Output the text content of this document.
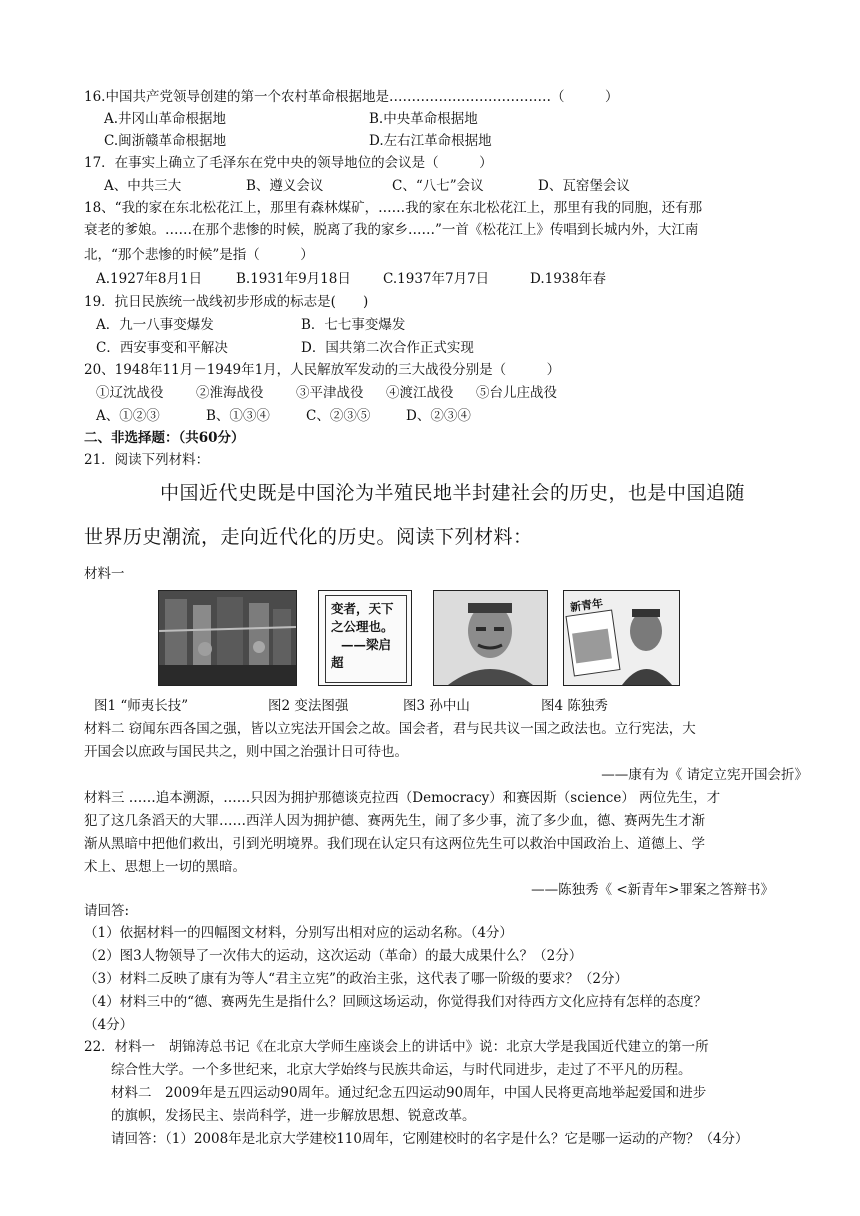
16.中国共产党领导创建的第一个农村革命根据地是………………………………（　　　）
A.井冈山革命根据地	B.中央革命根据地
C.闽浙赣革命根据地	D.左右江革命根据地
17．在事实上确立了毛泽东在党中央的领导地位的会议是（　　　）
A、中共三大	B、遵义会议	C、“八七”会议	D、瓦窑堡会议
18、“我的家在东北松花江上，那里有森林煤矿，……我的家在东北松花江上，那里有我的同胞，还有那
衰老的爹娘。……在那个悲惨的时候，脱离了我的家乡……”一首《松花江上》传唱到长城内外，大江南
北，“那个悲惨的时候”是指（　　　）
A.1927年8月1日	B.1931年9月18日 C.1937年7月7日	D.1938年春
19．抗日民族统一战线初步形成的标志是(　　)
A．九一八事变爆发	B．七七事变爆发
C．西安事变和平解决	D．国共第二次合作正式实现
20、1948年11月－1949年1月，人民解放军发动的三大战役分别是（　　　）
①辽沈战役 ②淮海战役 ③平津战役 ④渡江战役 ⑤台儿庄战役
A、①②③	B、①③④	C、②③⑤	D、②③④
二、非选择题：（共60分）
21．阅读下列材料：
中国近代史既是中国沦为半殖民地半封建社会的历史，也是中国追随
世界历史潮流，走向近代化的历史。阅读下列材料：
材料一
变者，天下
之公理也。
——梁启
超
新青年
图1 “师夷长技”	图2 变法图强	图3 孙中山	图4 陈独秀
材料二 窃闻东西各国之强，皆以立宪法开国会之故。国会者，君与民共议一国之政法也。立行宪法，大
开国会以庶政与国民共之，则中国之治强计日可待也。
——康有为《 请定立宪开国会折》
材料三 ……追本溯源，……只因为拥护那德谈克拉西（Democracy）和赛因斯（science） 两位先生，才
犯了这几条滔天的大罪……西洋人因为拥护德、赛两先生，闹了多少事，流了多少血，德、赛两先生才渐
渐从黑暗中把他们救出，引到光明境界。我们现在认定只有这两位先生可以救治中国政治上、道德上、学
术上、思想上一切的黑暗。
——陈独秀《 <新青年>罪案之答辩书》
请回答:
（1）依据材料一的四幅图文材料，分别写出相对应的运动名称。（4分）
（2）图3人物领导了一次伟大的运动，这次运动（革命）的最大成果什么？（2分）
（3）材料二反映了康有为等人“君主立宪”的政治主张，这代表了哪一阶级的要求？（2分）
（4）材料三中的“德、赛两先生是指什么？回顾这场运动，你觉得我们对待西方文化应持有怎样的态度？
（4分）
22．材料一　胡锦涛总书记《在北京大学师生座谈会上的讲话中》说：北京大学是我国近代建立的第一所
综合性大学。一个多世纪来，北京大学始终与民族共命运，与时代同进步，走过了不平凡的历程。
材料二　2009年是五四运动90周年。通过纪念五四运动90周年，中国人民将更高地举起爱国和进步
的旗帜，发扬民主、崇尚科学，进一步解放思想、锐意改革。
请回答：（1）2008年是北京大学建校110周年，它刚建校时的名字是什么？它是哪一运动的产物？（4分）
